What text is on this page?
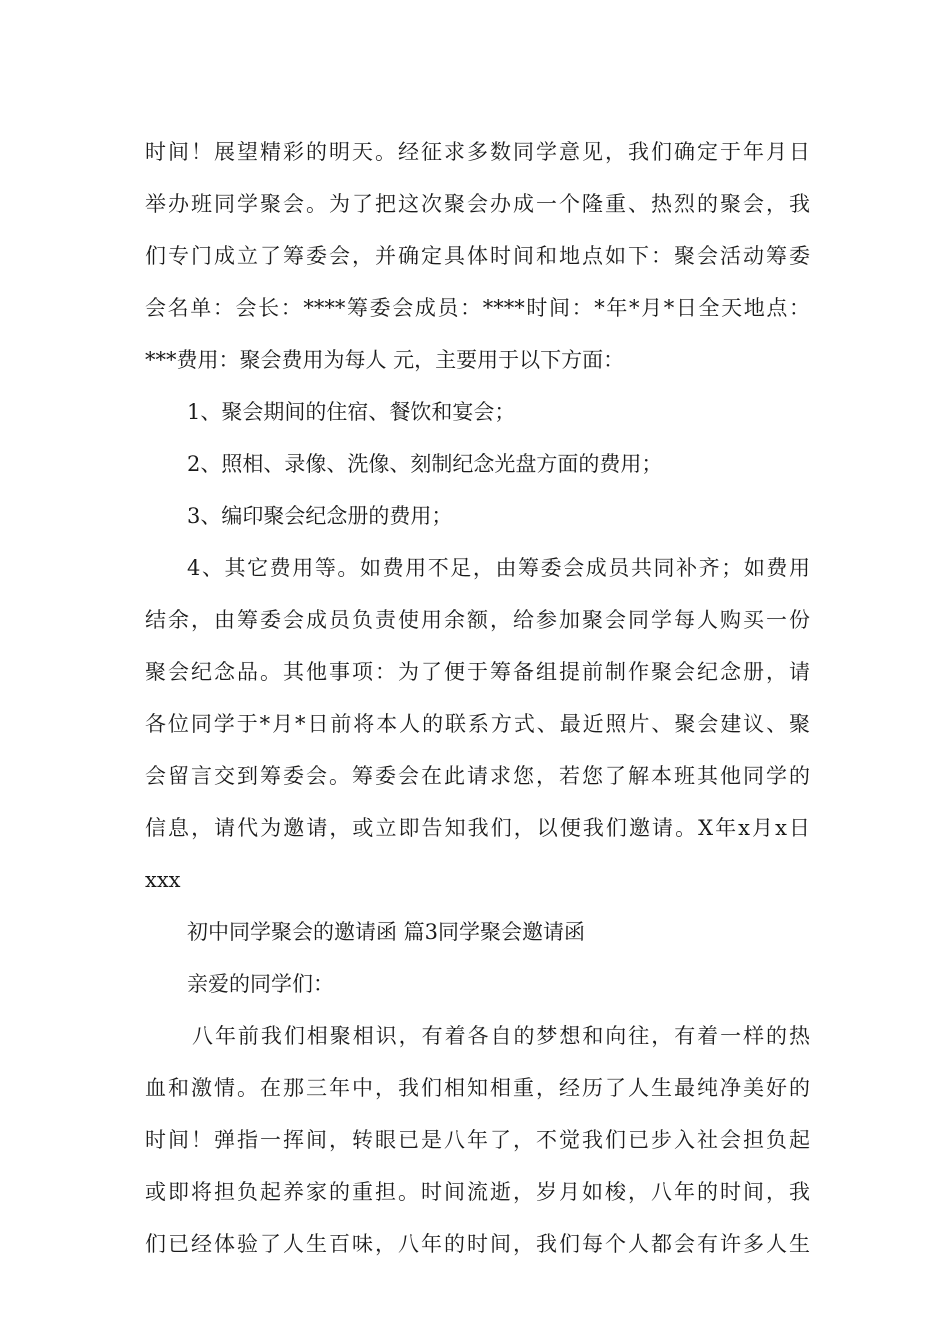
时间！展望精彩的明天。经征求多数同学意见，我们确定于年月日
举办班同学聚会。为了把这次聚会办成一个隆重、热烈的聚会，我
们专门成立了筹委会，并确定具体时间和地点如下：聚会活动筹委
会名单：会长：****筹委会成员：****时间：*年*月*日全天地点：
***费用：聚会费用为每人 元，主要用于以下方面：
1、聚会期间的住宿、餐饮和宴会；
2、照相、录像、洗像、刻制纪念光盘方面的费用；
3、编印聚会纪念册的费用；
4、其它费用等。如费用不足，由筹委会成员共同补齐；如费用
结余，由筹委会成员负责使用余额，给参加聚会同学每人购买一份
聚会纪念品。其他事项：为了便于筹备组提前制作聚会纪念册，请
各位同学于*月*日前将本人的联系方式、最近照片、聚会建议、聚
会留言交到筹委会。筹委会在此请求您，若您了解本班其他同学的
信息，请代为邀请，或立即告知我们，以便我们邀请。X年x月x日
xxx
初中同学聚会的邀请函 篇3同学聚会邀请函
亲爱的同学们：
八年前我们相聚相识，有着各自的梦想和向往，有着一样的热
血和激情。在那三年中，我们相知相重，经历了人生最纯净美好的
时间！弹指一挥间，转眼已是八年了，不觉我们已步入社会担负起
或即将担负起养家的重担。时间流逝，岁月如梭，八年的时间，我
们已经体验了人生百味，八年的时间，我们每个人都会有许多人生
